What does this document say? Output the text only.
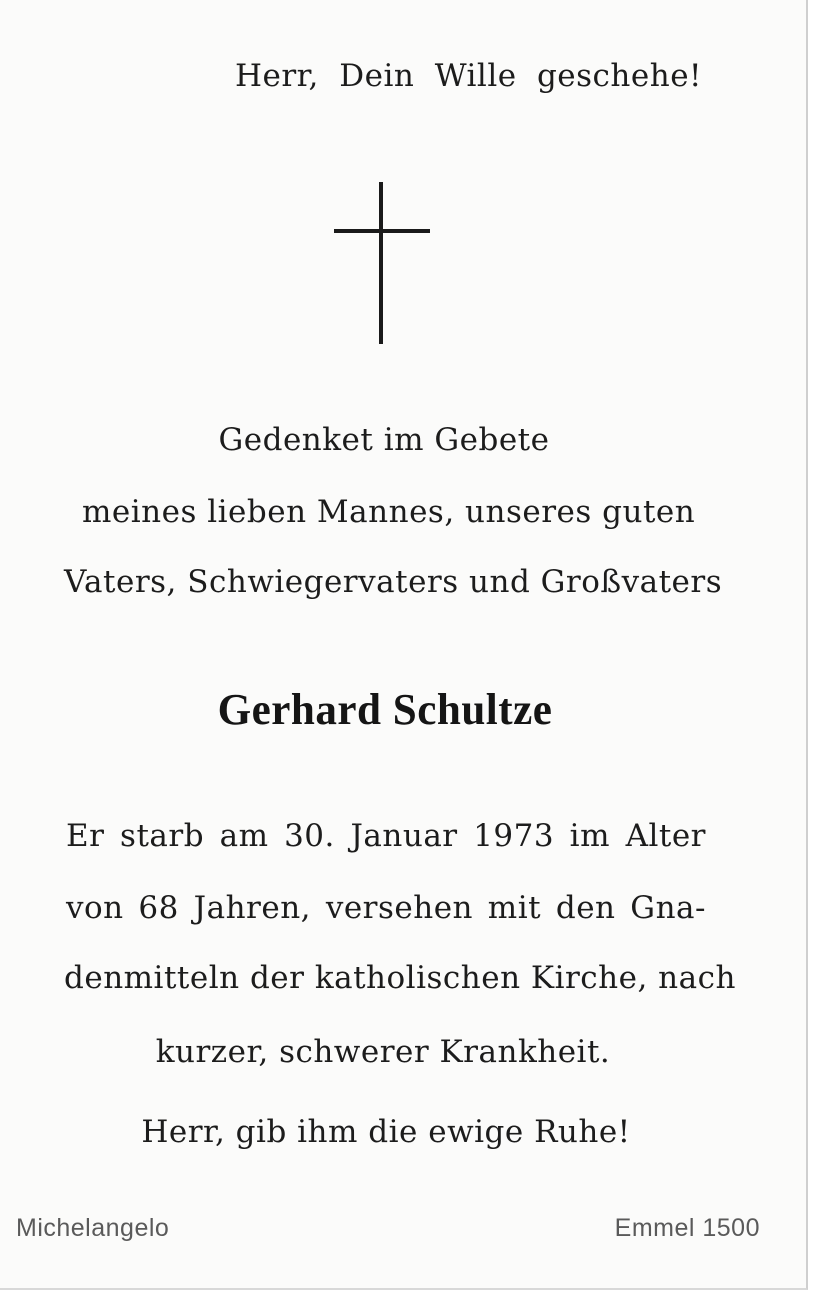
Herr, Dein Wille geschehe!
Gedenket im Gebete
meines lieben Mannes, unseres guten
Vaters, Schwiegervaters und Großvaters
Gerhard Schultze
Er starb am 30. Januar 1973 im Alter
von 68 Jahren, versehen mit den Gna-
denmitteln der katholischen Kirche, nach
kurzer, schwerer Krankheit.
Herr, gib ihm die ewige Ruhe!
Michelangelo	Emmel 1500
